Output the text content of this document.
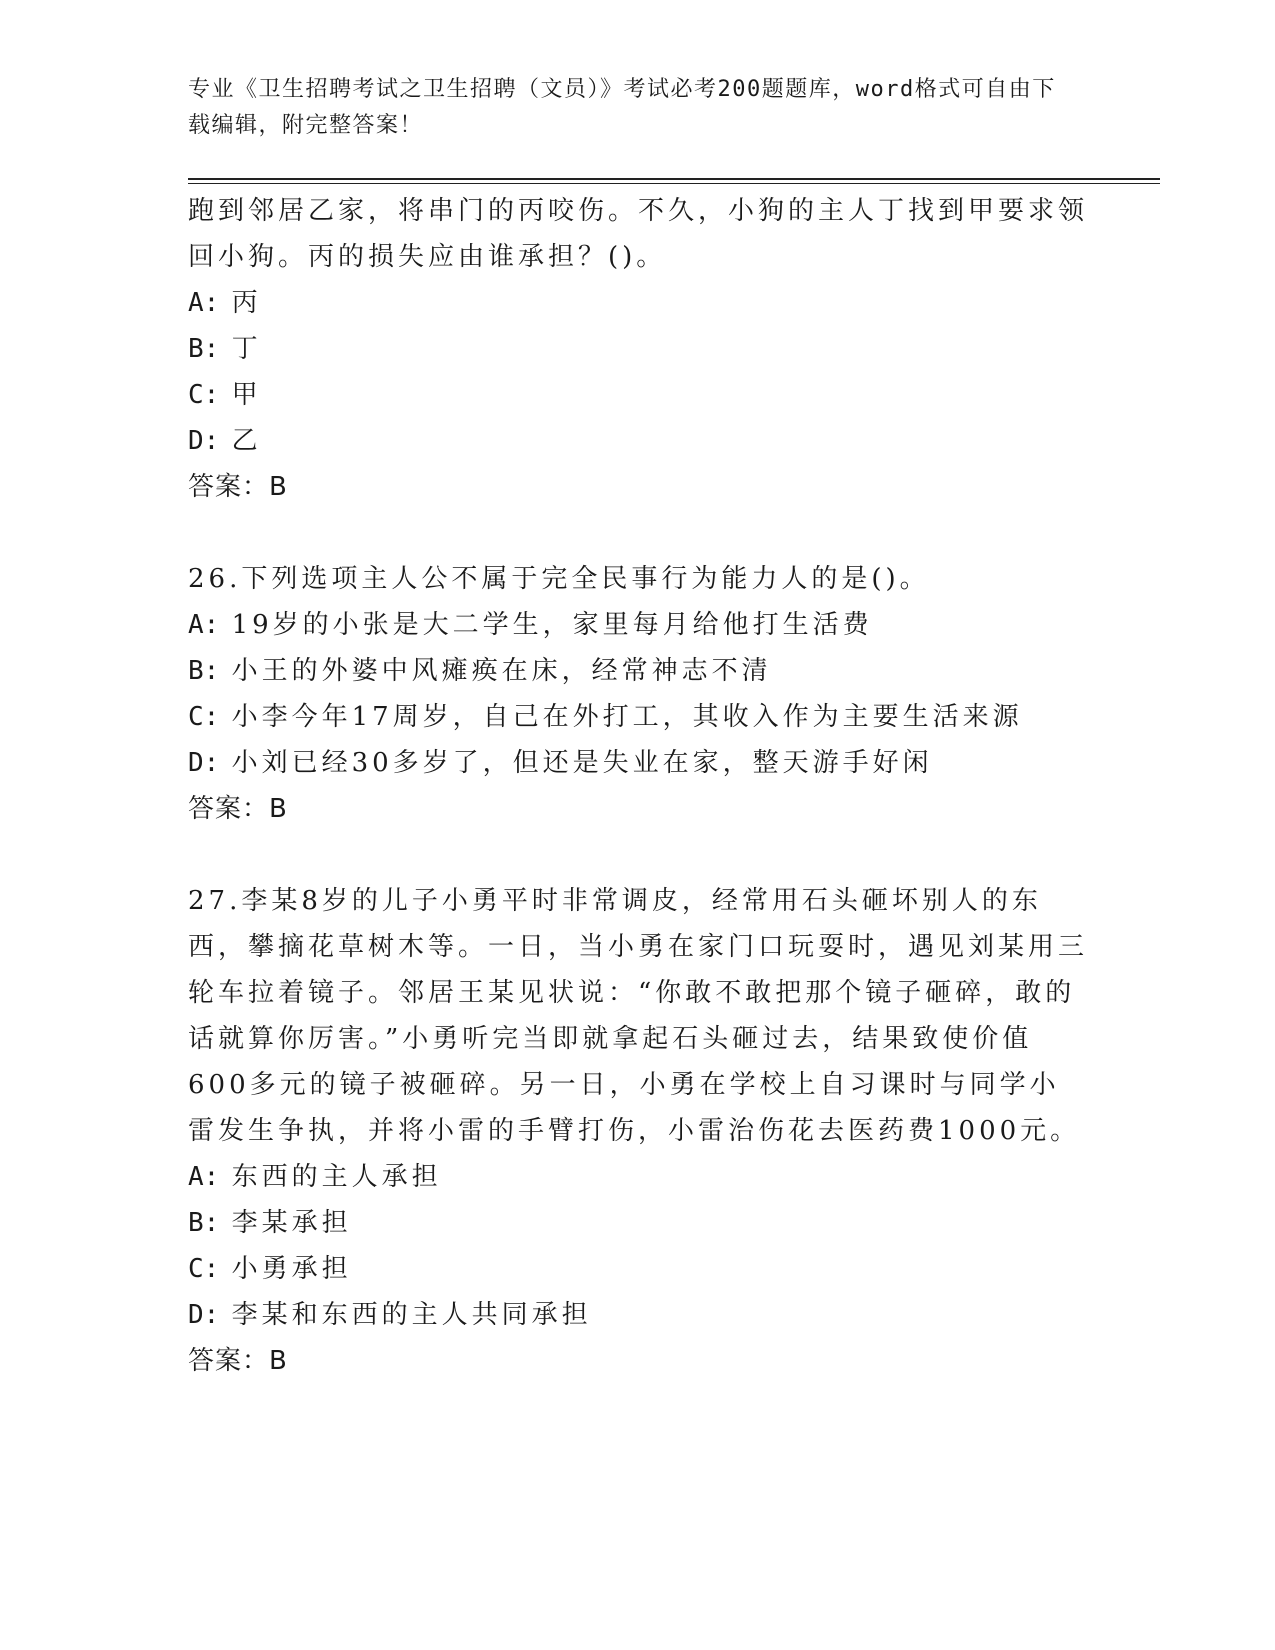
专业《卫生招聘考试之卫生招聘（文员）》考试必考200题题库，word格式可自由下载编辑，附完整答案！

跑到邻居乙家，将串门的丙咬伤。不久，小狗的主人丁找到甲要求领回小狗。丙的损失应由谁承担？()。

A: 丙

B: 丁

C: 甲

D: 乙

答案：B

26.下列选项主人公不属于完全民事行为能力人的是()。

A: 19岁的小张是大二学生，家里每月给他打生活费

B: 小王的外婆中风瘫痪在床，经常神志不清

C: 小李今年17周岁，自己在外打工，其收入作为主要生活来源

D: 小刘已经30多岁了，但还是失业在家，整天游手好闲

答案：B

27.李某8岁的儿子小勇平时非常调皮，经常用石头砸坏别人的东西，攀摘花草树木等。一日，当小勇在家门口玩耍时，遇见刘某用三轮车拉着镜子。邻居王某见状说：“你敢不敢把那个镜子砸碎，敢的话就算你厉害。”小勇听完当即就拿起石头砸过去，结果致使价值600多元的镜子被砸碎。另一日，小勇在学校上自习课时与同学小雷发生争执，并将小雷的手臂打伤，小雷治伤花去医药费1000元。

A: 东西的主人承担

B: 李某承担

C: 小勇承担

D: 李某和东西的主人共同承担

答案：B
